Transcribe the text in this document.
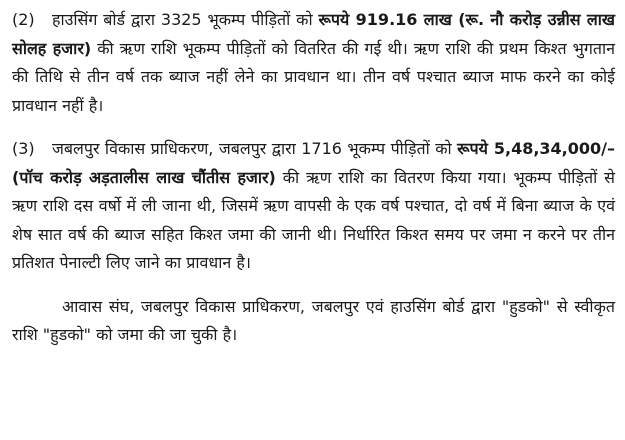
(2) हाउसिंग बोर्ड द्वारा 3325 भूकम्प पीड़ितों को रूपये 919.16 लाख (रू. नौ करोड़ उन्नीस लाख सोलह हजार) की ऋण राशि भूकम्प पीड़ितों को वितरित की गई थी। ऋण राशि की प्रथम किश्त भुगतान की तिथि से तीन वर्ष तक ब्याज नहीं लेने का प्रावधान था। तीन वर्ष पश्चात ब्याज माफ करने का कोई प्रावधान नहीं है।

(3) जबलपुर विकास प्राधिकरण, जबलपुर द्वारा 1716 भूकम्प पीड़ितों को रूपये 5,48,34,000/– (पॉच करोड़ अड़तालीस लाख चौंतीस हजार) की ऋण राशि का वितरण किया गया। भूकम्प पीड़ितों से ऋण राशि दस वर्षो में ली जाना थी, जिसमें ऋण वापसी के एक वर्ष पश्चात, दो वर्ष में बिना ब्याज के एवं शेष सात वर्ष की ब्याज सहित किश्त जमा की जानी थी। निर्धारित किश्त समय पर जमा न करने पर तीन प्रतिशत पेनाल्टी लिए जाने का प्रावधान है।

आवास संघ, जबलपुर विकास प्राधिकरण, जबलपुर एवं हाउसिंग बोर्ड द्वारा "हुडको" से स्वीकृत राशि "हुडको" को जमा की जा चुकी है।
